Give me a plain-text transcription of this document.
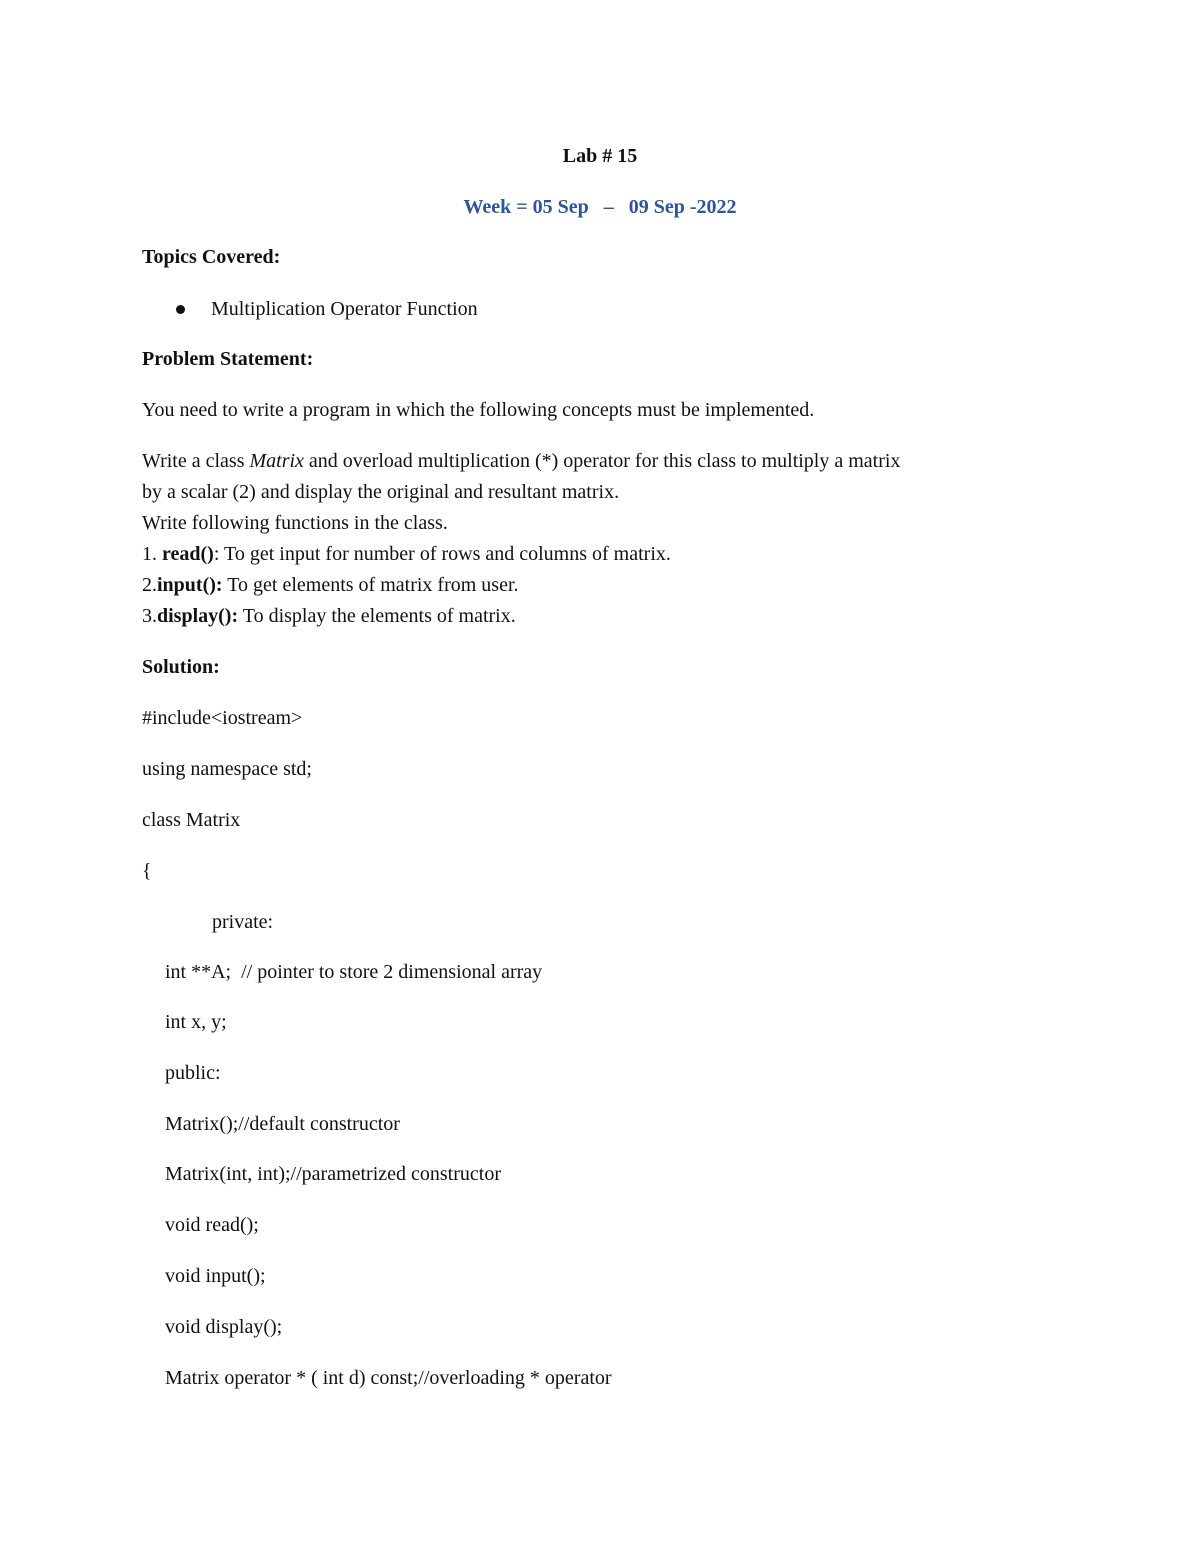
Lab # 15
Week = 05 Sep   –   09 Sep -2022
Topics Covered:
Multiplication Operator Function
Problem Statement:
You need to write a program in which the following concepts must be implemented.
Write a class Matrix and overload multiplication (*) operator for this class to multiply a matrix
by a scalar (2) and display the original and resultant matrix.
Write following functions in the class.
1. read(): To get input for number of rows and columns of matrix.
2.input(): To get elements of matrix from user.
3.display(): To display the elements of matrix.
Solution:
#include<iostream>
using namespace std;
class Matrix
{
private:
int **A;  // pointer to store 2 dimensional array
int x, y;
public:
Matrix();//default constructor
Matrix(int, int);//parametrized constructor
void read();
void input();
void display();
Matrix operator * ( int d) const;//overloading * operator
